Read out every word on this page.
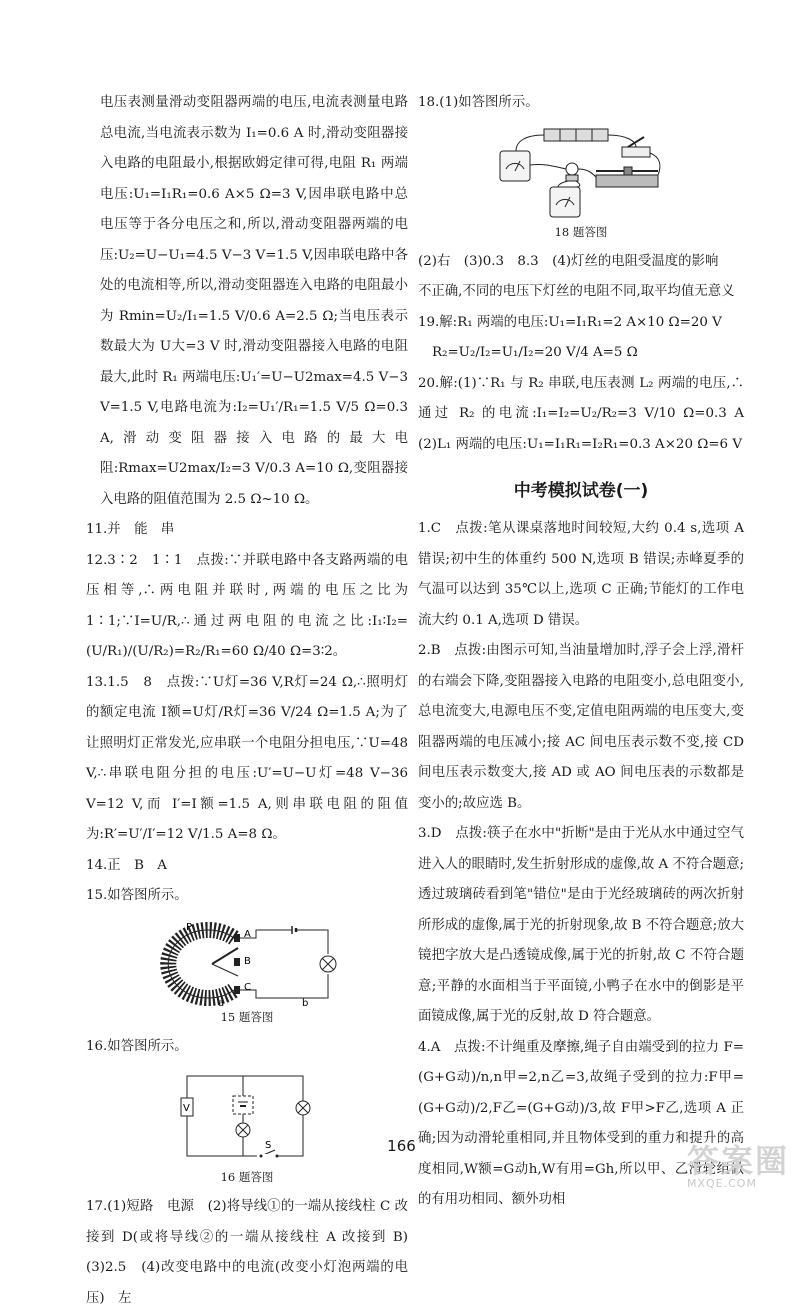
电压表测量滑动变阻器两端的电压,电流表测量电路总电流,当电流表示数为 I₁=0.6 A 时,滑动变阻器接入电路的电阻最小,根据欧姆定律可得,电阻 R₁ 两端电压:U₁=I₁R₁=0.6 A×5 Ω=3 V,因串联电路中总电压等于各分电压之和,所以,滑动变阻器两端的电压:U₂=U−U₁=4.5 V−3 V=1.5 V,因串联电路中各处的电流相等,所以,滑动变阻器连入电路的电阻最小为 Rmin=U₂/I₁=1.5 V/0.6 A=2.5 Ω;当电压表示数最大为 U大=3 V 时,滑动变阻器接入电路的电阻最大,此时 R₁ 两端电压:U₁′=U−U2max=4.5 V−3 V=1.5 V,电路电流为:I₂=U₁′/R₁=1.5 V/5 Ω=0.3 A,滑动变阻器接入电路的最大电阻:Rmax=U2max/I₂=3 V/0.3 A=10 Ω,变阻器接入电路的阻值范围为 2.5 Ω~10 Ω。

11.并　能　串

12.3∶2　1∶1　点拨:∵并联电路中各支路两端的电压相等,∴两电阻并联时,两端的电压之比为 1∶1;∵I=U/R,∴通过两电阻的电流之比:I₁∶I₂=(U/R₁)/(U/R₂)=R₂/R₁=60 Ω/40 Ω=3∶2。

13.1.5　8　点拨:∵U灯=36 V,R灯=24 Ω,∴照明灯的额定电流 I额=U灯/R灯=36 V/24 Ω=1.5 A;为了让照明灯正常发光,应串联一个电阻分担电压,∵U=48 V,∴串联电阻分担的电压:U′=U−U灯=48 V−36 V=12 V,而 I′=I额=1.5 A,则串联电阻的阻值为:R′=U′/I′=12 V/1.5 A=8 Ω。

14.正　B　A

15.如答图所示。

P
A
B
C
a	b
15 题答图

16.如答图所示。

V
S
16 题答图

17.(1)短路　电源　(2)将导线①的一端从接线柱 C 改接到 D(或将导线②的一端从接线柱 A 改接到 B)　(3)2.5　(4)改变电路中的电流(改变小灯泡两端的电压)　左

18.(1)如答图所示。

18 题答图

(2)右　(3)0.3　8.3　(4)灯丝的电阻受温度的影响

不正确,不同的电压下灯丝的电阻不同,取平均值无意义

19.解:R₁ 两端的电压:U₁=I₁R₁=2 A×10 Ω=20 V

R₂=U₂/I₂=U₁/I₂=20 V/4 A=5 Ω

20.解:(1)∵R₁ 与 R₂ 串联,电压表测 L₂ 两端的电压,∴通过 R₂ 的电流:I₁=I₂=U₂/R₂=3 V/10 Ω=0.3 A　(2)L₁ 两端的电压:U₁=I₁R₁=I₂R₁=0.3 A×20 Ω=6 V

中考模拟试卷(一)

1.C　点拨:笔从课桌落地时间较短,大约 0.4 s,选项 A 错误;初中生的体重约 500 N,选项 B 错误;赤峰夏季的气温可以达到 35℃以上,选项 C 正确;节能灯的工作电流大约 0.1 A,选项 D 错误。

2.B　点拨:由图示可知,当油量增加时,浮子会上浮,滑杆的右端会下降,变阻器接入电路的电阻变小,总电阻变小,总电流变大,电源电压不变,定值电阻两端的电压变大,变阻器两端的电压减小;接 AC 间电压表示数不变,接 CD 间电压表示数变大,接 AD 或 AO 间电压表的示数都是变小的;故应选 B。

3.D　点拨:筷子在水中"折断"是由于光从水中通过空气进入人的眼睛时,发生折射形成的虚像,故 A 不符合题意;透过玻璃砖看到笔"错位"是由于光经玻璃砖的两次折射所形成的虚像,属于光的折射现象,故 B 不符合题意;放大镜把字放大是凸透镜成像,属于光的折射,故 C 不符合题意;平静的水面相当于平面镜,小鸭子在水中的倒影是平面镜成像,属于光的反射,故 D 符合题意。

4.A　点拨:不计绳重及摩擦,绳子自由端受到的拉力 F=(G+G动)/n,n甲=2,n乙=3,故绳子受到的拉力:F甲=(G+G动)/2,F乙=(G+G动)/3,故 F甲>F乙,选项 A 正确;因为动滑轮重相同,并且物体受到的重力和提升的高度相同,W额=G动h,W有用=Gh,所以甲、乙滑轮组做的有用功相同、额外功相

166	答案圈
MXQE.COM
